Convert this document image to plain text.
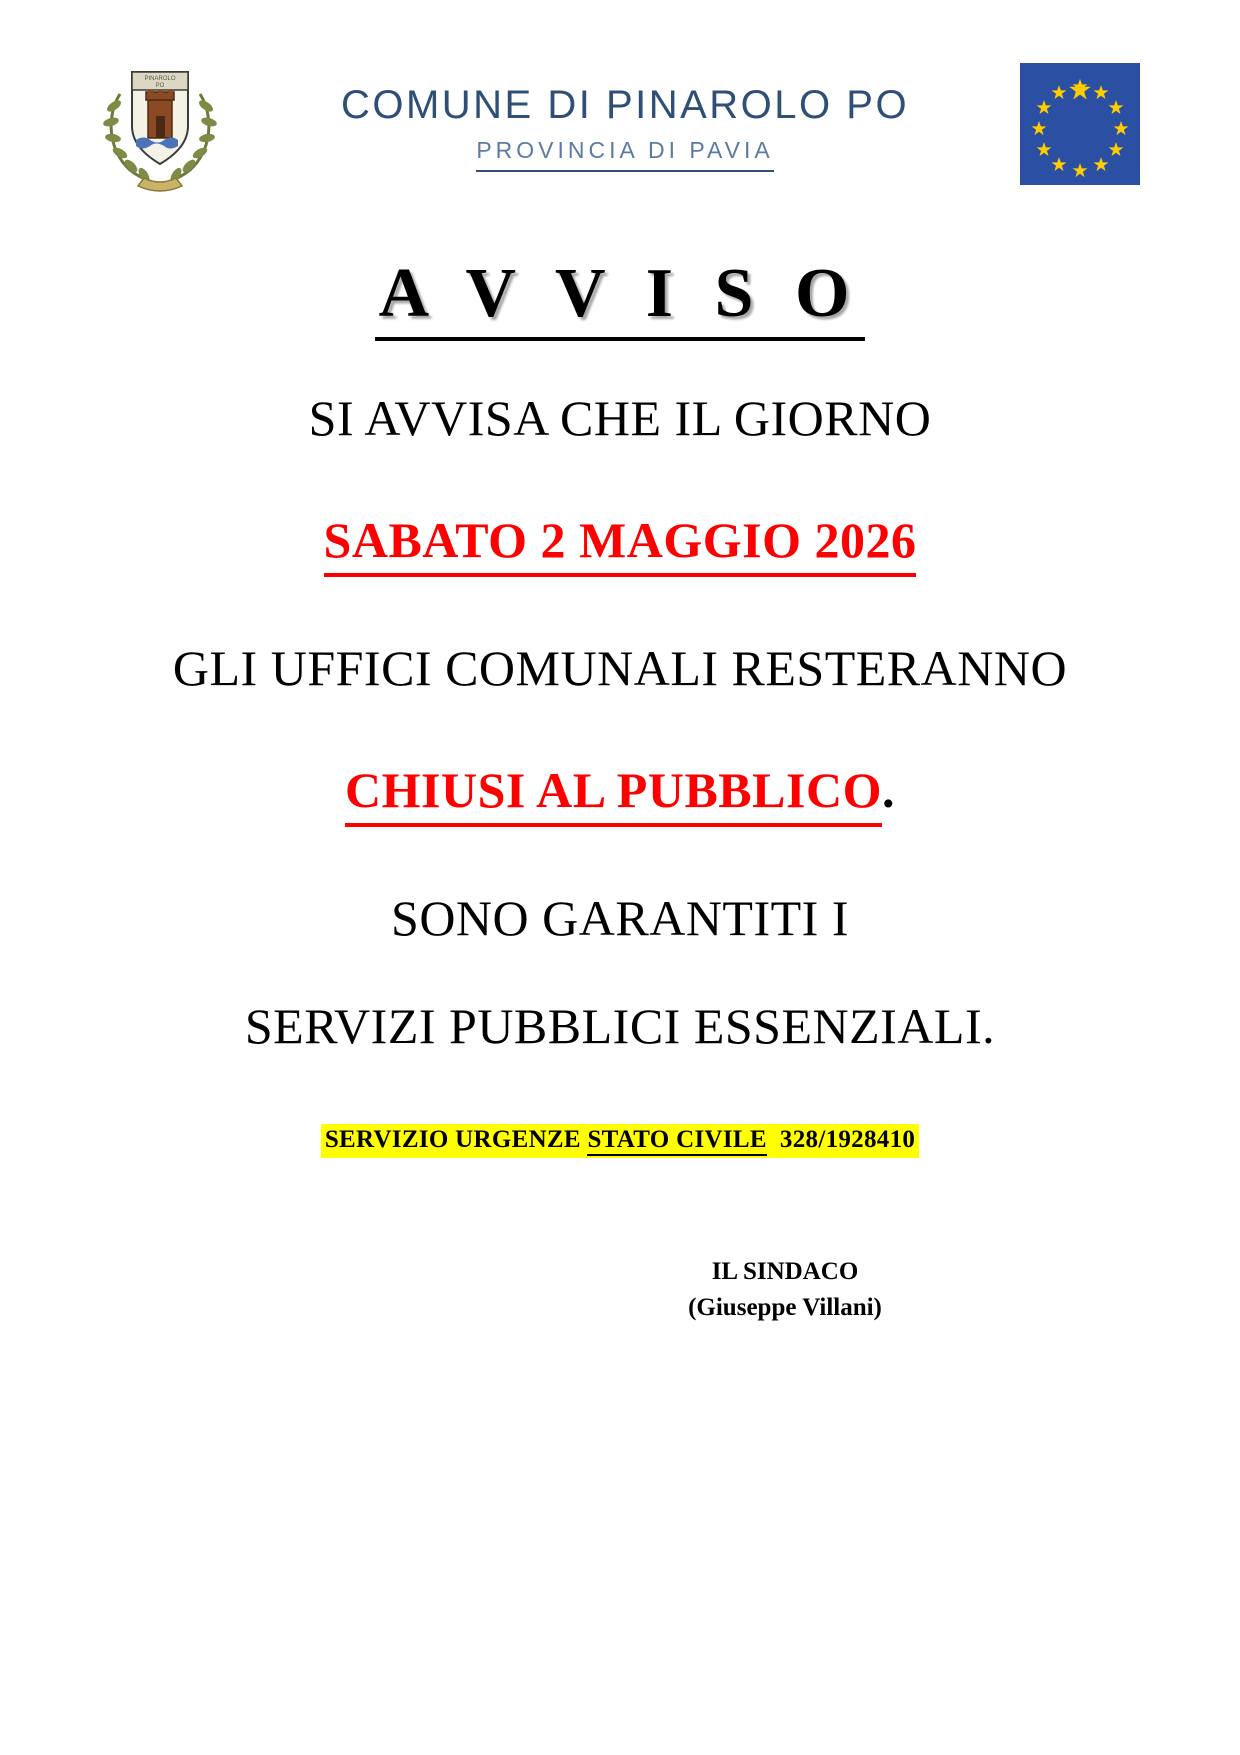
PINAROLO
PO	COMUNE DI PINAROLO PO
PROVINCIA DI PAVIA
A V V I S O
SI AVVISA CHE IL GIORNO
SABATO 2 MAGGIO 2026
GLI UFFICI COMUNALI RESTERANNO
CHIUSI AL PUBBLICO.
SONO GARANTITI I
SERVIZI PUBBLICI ESSENZIALI.
SERVIZIO URGENZE STATO CIVILE 328/1928410
IL SINDACO
(Giuseppe Villani)
